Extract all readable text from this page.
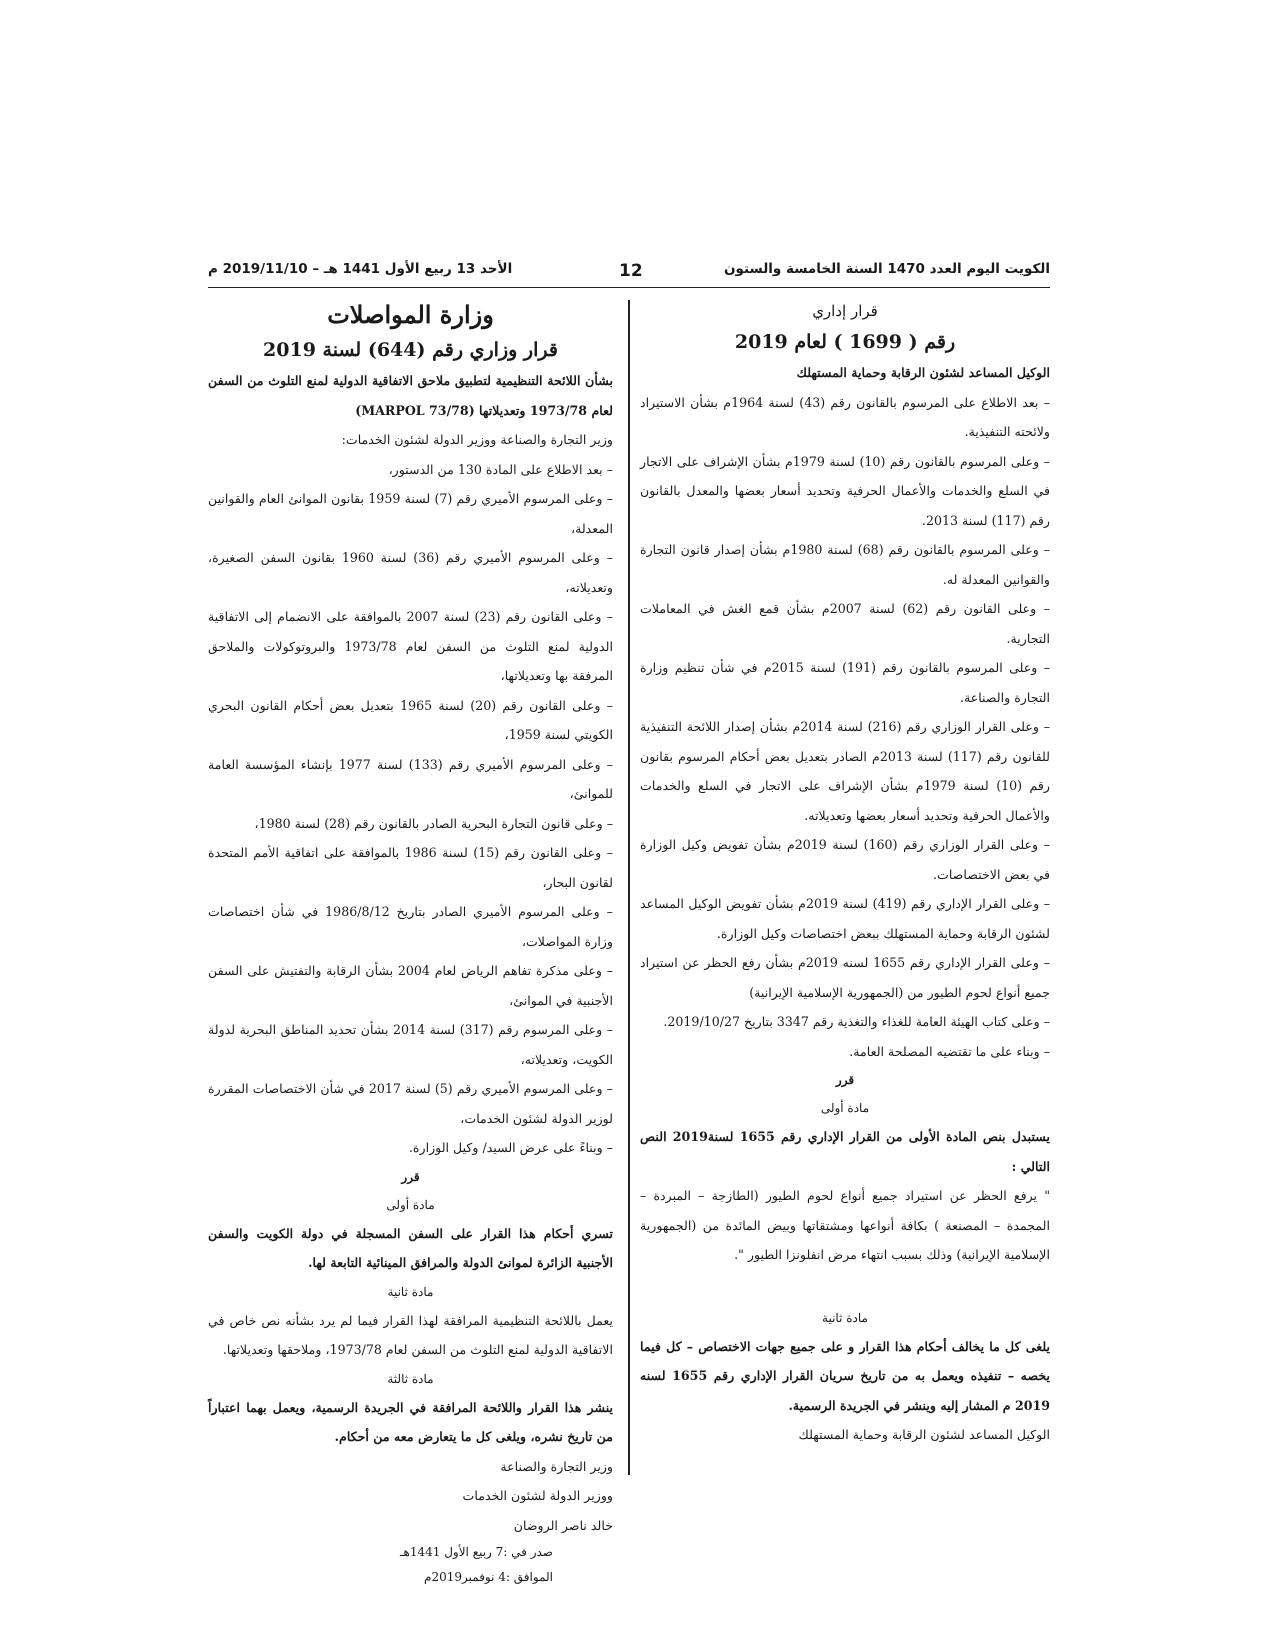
الكويت اليوم العدد 1470 السنة الخامسة والستون
12
الأحد 13 ربيع الأول 1441 هـ – 2019/11/10 م

قرار إداري

رقم ( 1699 ) لعام 2019

الوكيل المساعد لشئون الرقابة وحماية المستهلك

– بعد الاطلاع على المرسوم بالقانون رقم (43) لسنة 1964م بشأن الاستيراد ولائحته التنفيذية.

– وعلى المرسوم بالقانون رقم (10) لسنة 1979م بشأن الإشراف على الاتجار في السلع والخدمات والأعمال الحرفية وتحديد أسعار بعضها والمعدل بالقانون رقم (117) لسنة 2013.

– وعلى المرسوم بالقانون رقم (68) لسنة 1980م بشأن إصدار قانون التجارة والقوانين المعدلة له.

– وعلى القانون رقم (62) لسنة 2007م بشأن قمع الغش في المعاملات التجارية.

– وعلى المرسوم بالقانون رقم (191) لسنة 2015م في شأن تنظيم وزارة التجارة والصناعة.

– وعلى القرار الوزاري رقم (216) لسنة 2014م بشأن إصدار اللائحة التنفيذية للقانون رقم (117) لسنة 2013م الصادر بتعديل بعض أحكام المرسوم بقانون رقم (10) لسنة 1979م بشأن الإشراف على الاتجار في السلع والخدمات والأعمال الحرفية وتحديد أسعار بعضها وتعديلاته.

– وعلى القرار الوزاري رقم (160) لسنة 2019م بشأن تفويض وكيل الوزارة في بعض الاختصاصات.

– وعلى القرار الإداري رقم (419) لسنة 2019م بشأن تفويض الوكيل المساعد لشئون الرقابة وحماية المستهلك ببعض اختصاصات وكيل الوزارة.

– وعلى القرار الإداري رقم 1655 لسنه 2019م بشأن رفع الحظر عن استيراد جميع أنواع لحوم الطيور من (الجمهورية الإسلامية الإيرانية)

– وعلى كتاب الهيئة العامة للغذاء والتغذية رقم 3347 بتاريخ 2019/10/27.

– وبناء على ما تقتضيه المصلحة العامة.

قرر

مادة أولى

يستبدل بنص المادة الأولى من القرار الإداري رقم 1655 لسنة2019 النص التالي :

" يرفع الحظر عن استيراد جميع أنواع لحوم الطيور (الطازجة – المبردة – المجمدة – المصنعة ) بكافة أنواعها ومشتقاتها وبيض المائدة من (الجمهورية الإسلامية الإيرانية) وذلك بسبب انتهاء مرض انفلونزا الطيور ".

مادة ثانية

يلغى كل ما يخالف أحكام هذا القرار و على جميع جهات الاختصاص – كل فيما يخصه – تنفيذه ويعمل به من تاريخ سريان القرار الإداري رقم 1655 لسنه 2019 م المشار إليه وينشر في الجريدة الرسمية.

الوكيل المساعد لشئون الرقابة وحماية المستهلك

وزارة المواصلات

قرار وزاري رقم (644) لسنة 2019

بشأن اللائحة التنظيمية لتطبيق ملاحق الاتفاقية الدولية لمنع التلوث من السفن لعام 1973/78 وتعديلاتها (MARPOL 73/78)

وزير التجارة والصناعة ووزير الدولة لشئون الخدمات:

– بعد الاطلاع على المادة 130 من الدستور،

– وعلى المرسوم الأميري رقم (7) لسنة 1959 بقانون الموانئ العام والقوانين المعدلة،

– وعلى المرسوم الأميري رقم (36) لسنة 1960 بقانون السفن الصغيرة، وتعديلاته،

– وعلى القانون رقم (23) لسنة 2007 بالموافقة على الانضمام إلى الاتفاقية الدولية لمنع التلوث من السفن لعام 1973/78 والبروتوكولات والملاحق المرفقة بها وتعديلاتها،

– وعلى القانون رقم (20) لسنة 1965 بتعديل بعض أحكام القانون البحري الكويتي لسنة 1959،

– وعلى المرسوم الأميري رقم (133) لسنة 1977 بإنشاء المؤسسة العامة للموانئ،

– وعلى قانون التجارة البحرية الصادر بالقانون رقم (28) لسنة 1980،

– وعلى القانون رقم (15) لسنة 1986 بالموافقة على اتفاقية الأمم المتحدة لقانون البحار،

– وعلى المرسوم الأميري الصادر بتاريخ 1986/8/12 في شأن اختصاصات وزارة المواصلات،

– وعلى مذكرة تفاهم الرياض لعام 2004 بشأن الرقابة والتفتيش على السفن الأجنبية في الموانئ،

– وعلى المرسوم رقم (317) لسنة 2014 بشأن تحديد المناطق البحرية لدولة الكويت، وتعديلاته،

– وعلى المرسوم الأميري رقم (5) لسنة 2017 في شأن الاختصاصات المقررة لوزير الدولة لشئون الخدمات،

– وبناءً على عرض السيد/ وكيل الوزارة.

قرر

مادة أولى

تسري أحكام هذا القرار على السفن المسجلة في دولة الكويت والسفن الأجنبية الزائرة لموانئ الدولة والمرافق المينائية التابعة لها.

مادة ثانية

يعمل باللائحة التنظيمية المرافقة لهذا القرار فيما لم يرد بشأنه نص خاص في الاتفاقية الدولية لمنع التلوث من السفن لعام 1973/78، وملاحقها وتعديلاتها.

مادة ثالثة

ينشر هذا القرار واللائحة المرافقة في الجريدة الرسمية، ويعمل بهما اعتباراً من تاريخ نشره، ويلغى كل ما يتعارض معه من أحكام.

وزير التجارة والصناعة

ووزير الدولة لشئون الخدمات

خالد ناصر الروضان

صدر في :7 ربيع الأول 1441هـ

الموافق :4 نوفمبر2019م
